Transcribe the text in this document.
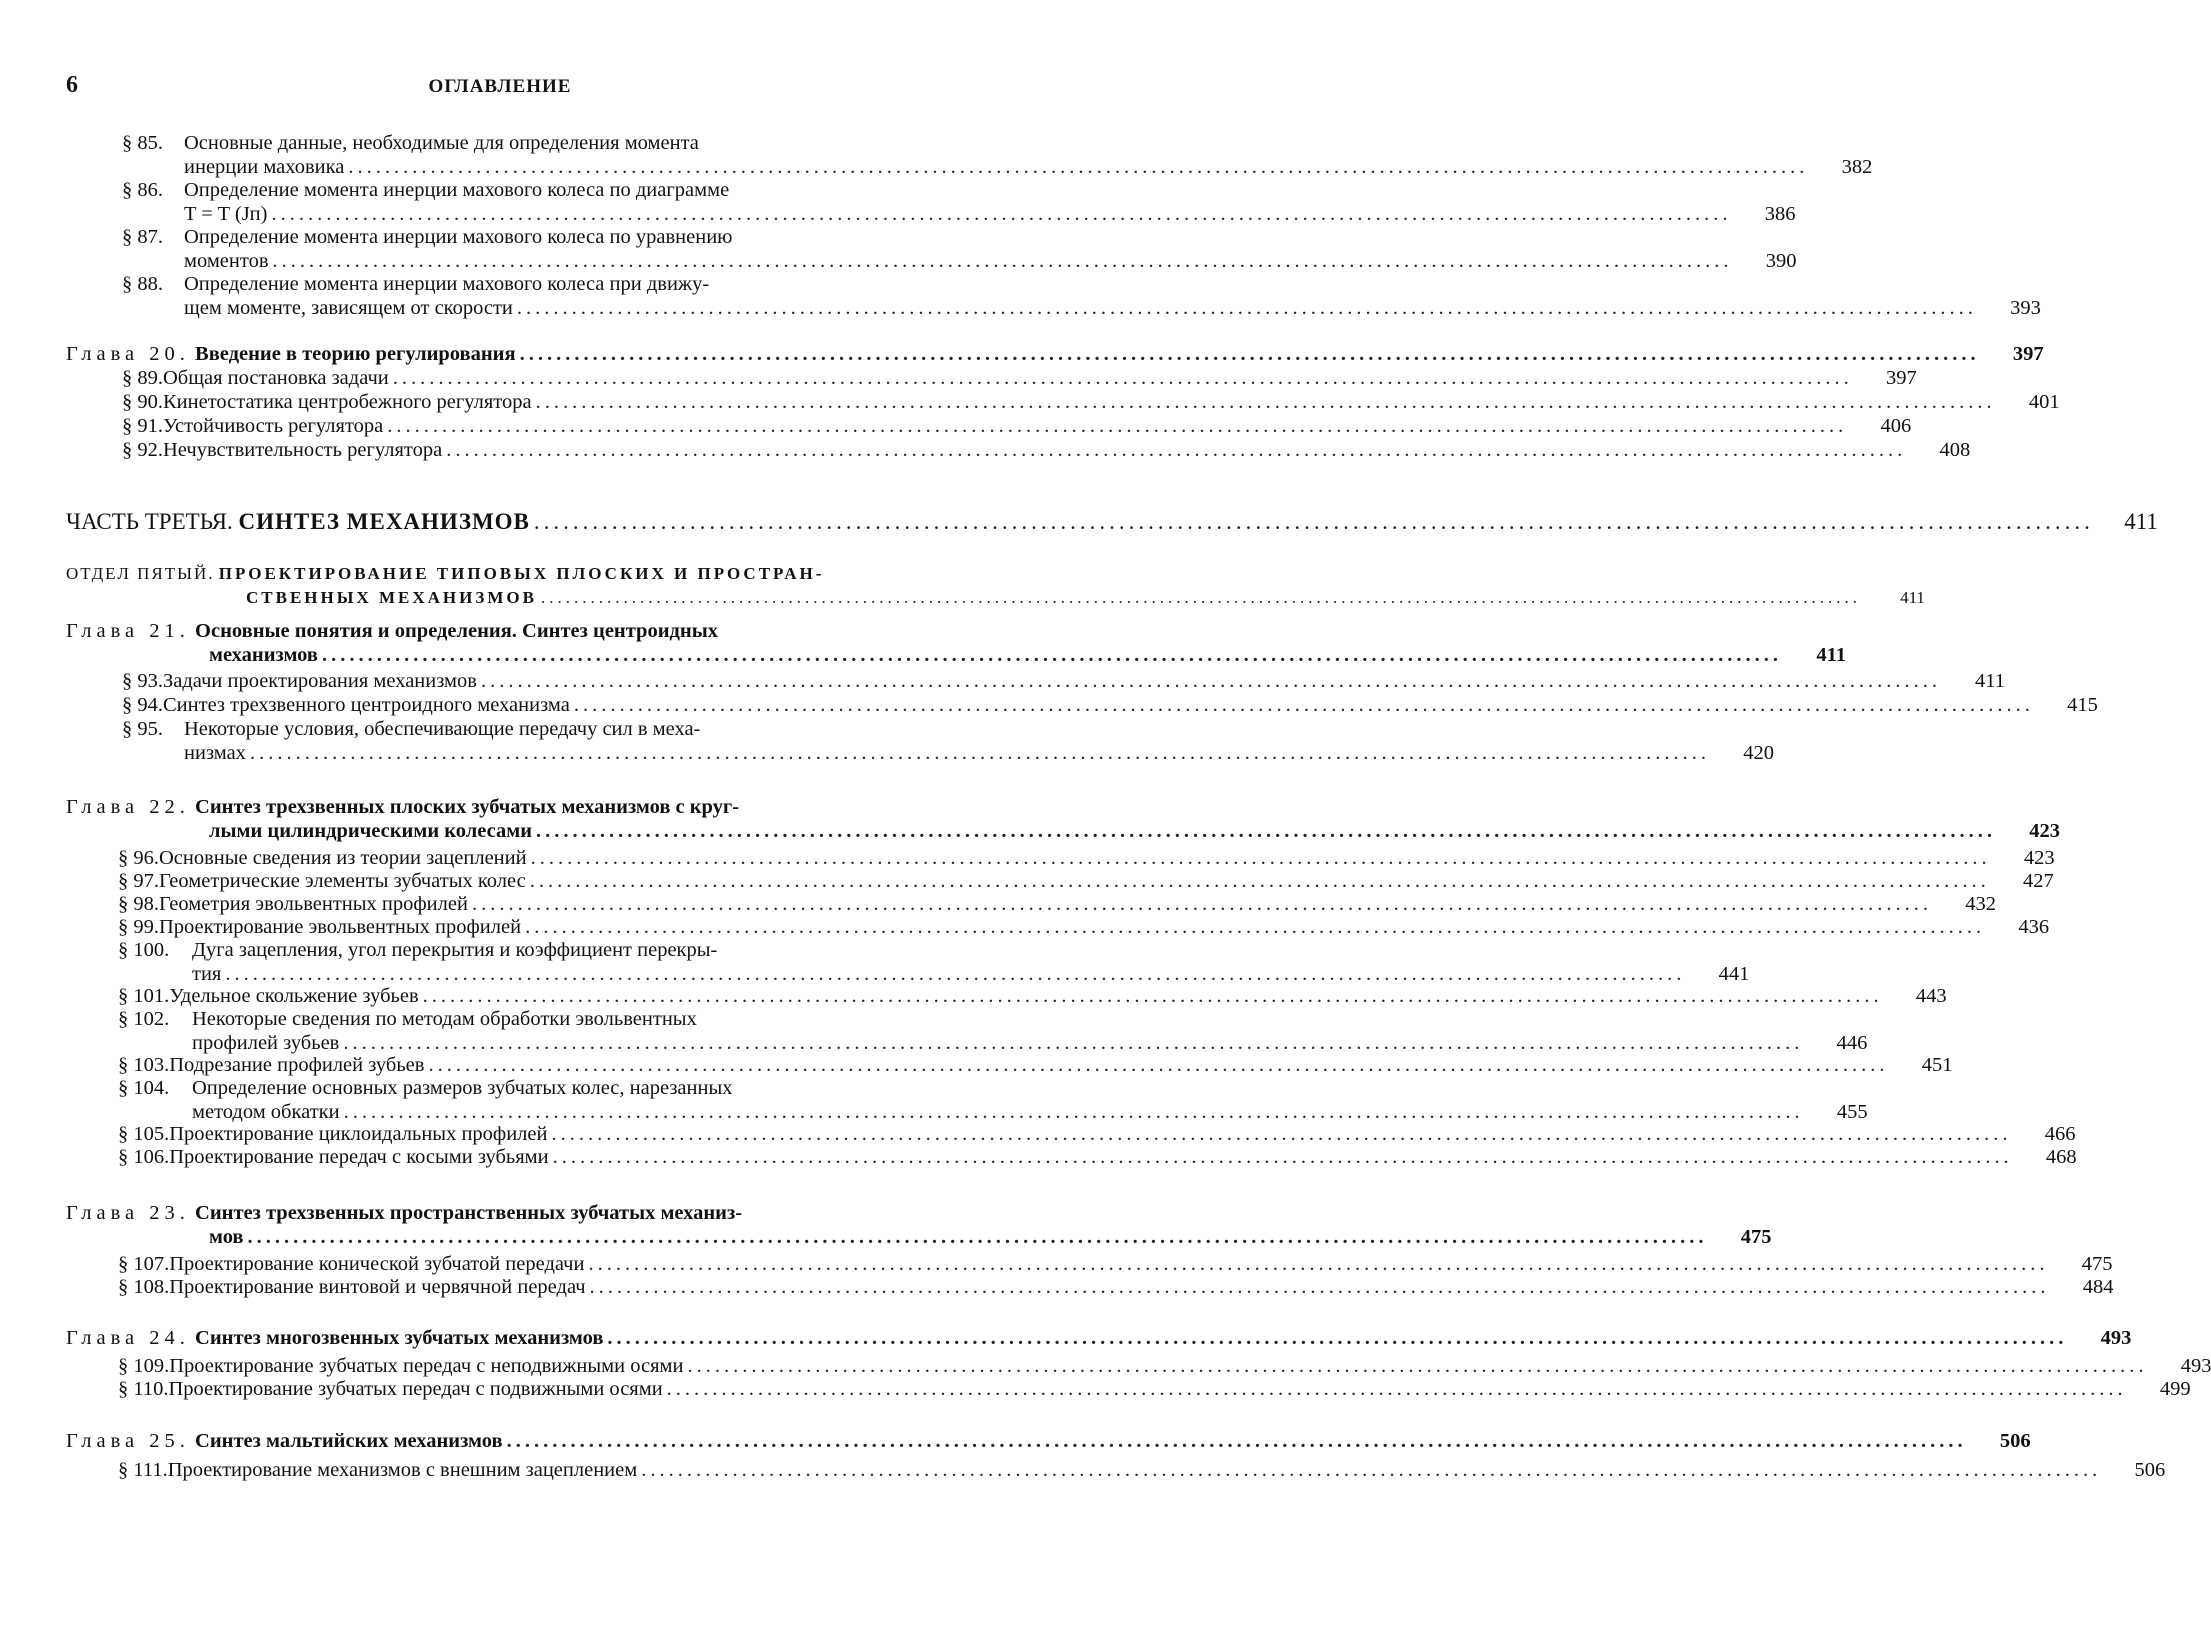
6	ОГЛАВЛЕНИЕ
§ 85.	Основные данные, необходимые для определения момента
инерции маховика ................................................................................................................................................................	382
§ 86.	Определение момента инерции махового колеса по диаграмме
T = T (Jп) ................................................................................................................................................................	386
§ 87.	Определение момента инерции махового колеса по уравнению
моментов ................................................................................................................................................................	390
§ 88.	Определение момента инерции махового колеса при движу-
щем моменте, зависящем от скорости ................................................................................................................................................................	393
Глава 20.
Введение в теорию регулирования ................................................................................................................................................................	397
§ 89. Общая постановка задачи ................................................................................................................................................................	397
§ 90. Кинетостатика центробежного регулятора ................................................................................................................................................................	401
§ 91. Устойчивость регулятора ................................................................................................................................................................	406
§ 92. Нечувствительность регулятора ................................................................................................................................................................	408
ЧАСТЬ ТРЕТЬЯ.
СИНТЕЗ МЕХАНИЗМОВ ................................................................................................................................................................	411
ОТДЕЛ ПЯТЫЙ.
ПРОЕКТИРОВАНИЕ ТИПОВЫХ ПЛОСКИХ И ПРОСТРАН-
СТВЕННЫХ МЕХАНИЗМОВ ................................................................................................................................................................	411
Глава 21.
Основные понятия и определения. Синтез центроидных
механизмов ................................................................................................................................................................	411
§ 93. Задачи проектирования механизмов ................................................................................................................................................................	411
§ 94. Синтез трехзвенного центроидного механизма ................................................................................................................................................................	415
§ 95.	Некоторые условия, обеспечивающие передачу сил в меха-
низмах ................................................................................................................................................................	420
Глава 22.
Синтез трехзвенных плоских зубчатых механизмов с круг-
лыми цилиндрическими колесами ................................................................................................................................................................	423
§ 96. Основные сведения из теории зацеплений ................................................................................................................................................................	423
§ 97. Геометрические элементы зубчатых колес ................................................................................................................................................................	427
§ 98. Геометрия эвольвентных профилей ................................................................................................................................................................	432
§ 99. Проектирование эвольвентных профилей ................................................................................................................................................................	436
§ 100.	Дуга зацепления, угол перекрытия и коэффициент перекры-
тия ................................................................................................................................................................	441
§ 101. Удельное скольжение зубьев ................................................................................................................................................................	443
§ 102.	Некоторые сведения по методам обработки эвольвентных
профилей зубьев ................................................................................................................................................................	446
§ 103. Подрезание профилей зубьев ................................................................................................................................................................	451
§ 104.	Определение основных размеров зубчатых колес, нарезанных
методом обкатки ................................................................................................................................................................	455
§ 105. Проектирование циклоидальных профилей ................................................................................................................................................................	466
§ 106. Проектирование передач с косыми зубьями ................................................................................................................................................................	468
Глава 23.
Синтез трехзвенных пространственных зубчатых механиз-
мов ................................................................................................................................................................	475
§ 107. Проектирование конической зубчатой передачи ................................................................................................................................................................	475
§ 108. Проектирование винтовой и червячной передач ................................................................................................................................................................	484
Глава 24.
Синтез многозвенных зубчатых механизмов ................................................................................................................................................................	493
§ 109. Проектирование зубчатых передач с неподвижными осями ................................................................................................................................................................	493
§ 110. Проектирование зубчатых передач с подвижными осями ................................................................................................................................................................	499
Глава 25.
Синтез мальтийских механизмов ................................................................................................................................................................	506
§ 111. Проектирование механизмов с внешним зацеплением ................................................................................................................................................................	506
